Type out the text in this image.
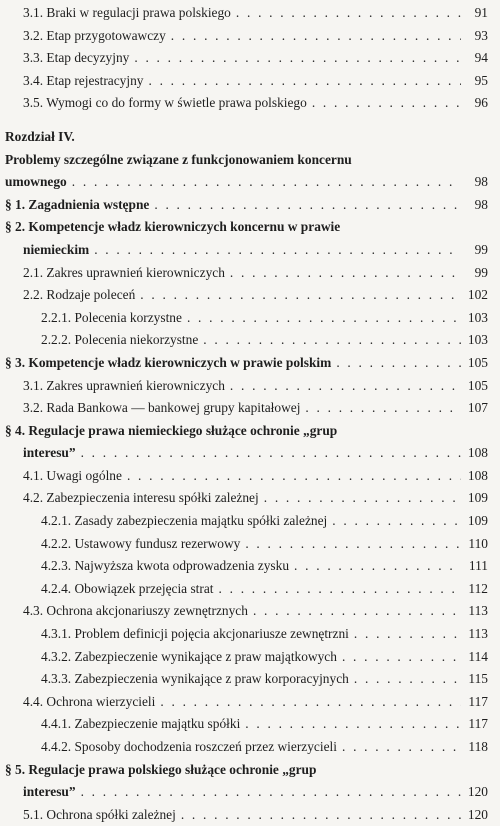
3.1. Braki w regulacji prawa polskiego . . .	91
3.2. Etap przygotowawczy . . .	93
3.3. Etap decyzyjny . . .	94
3.4. Etap rejestracyjny . . .	95
3.5. Wymogi co do formy w świetle prawa polskiego . . .	96
Rozdział IV.
Problemy szczególne związane z funkcjonowaniem koncernu
umownego . . .	98
§ 1. Zagadnienia wstępne . . .	98
§ 2. Kompetencje władz kierowniczych koncernu w prawie
niemieckim . . .	99
2.1. Zakres uprawnień kierowniczych . . .	99
2.2. Rodzaje poleceń . . .	102
2.2.1. Polecenia korzystne . . .	103
2.2.2. Polecenia niekorzystne . . .	103
§ 3. Kompetencje władz kierowniczych w prawie polskim . . .	105
3.1. Zakres uprawnień kierowniczych . . .	105
3.2. Rada Bankowa — bankowej grupy kapitałowej . . .	107
§ 4. Regulacje prawa niemieckiego służące ochronie „grup
interesu” . . .	108
4.1. Uwagi ogólne . . .	108
4.2. Zabezpieczenia interesu spółki zależnej . . .	109
4.2.1. Zasady zabezpieczenia majątku spółki zależnej . . .	109
4.2.2. Ustawowy fundusz rezerwowy . . .	110
4.2.3. Najwyższa kwota odprowadzenia zysku . . .	111
4.2.4. Obowiązek przejęcia strat . . .	112
4.3. Ochrona akcjonariuszy zewnętrznych . . .	113
4.3.1. Problem definicji pojęcia akcjonariusze zewnętrzni . . .	113
4.3.2. Zabezpieczenie wynikające z praw majątkowych . . .	114
4.3.3. Zabezpieczenia wynikające z praw korporacyjnych . . .	115
4.4. Ochrona wierzycieli . . .	117
4.4.1. Zabezpieczenie majątku spółki . . .	117
4.4.2. Sposoby dochodzenia roszczeń przez wierzycieli . . .	118
§ 5. Regulacje prawa polskiego służące ochronie „grup
interesu” . . .	120
5.1. Ochrona spółki zależnej . . .	120
